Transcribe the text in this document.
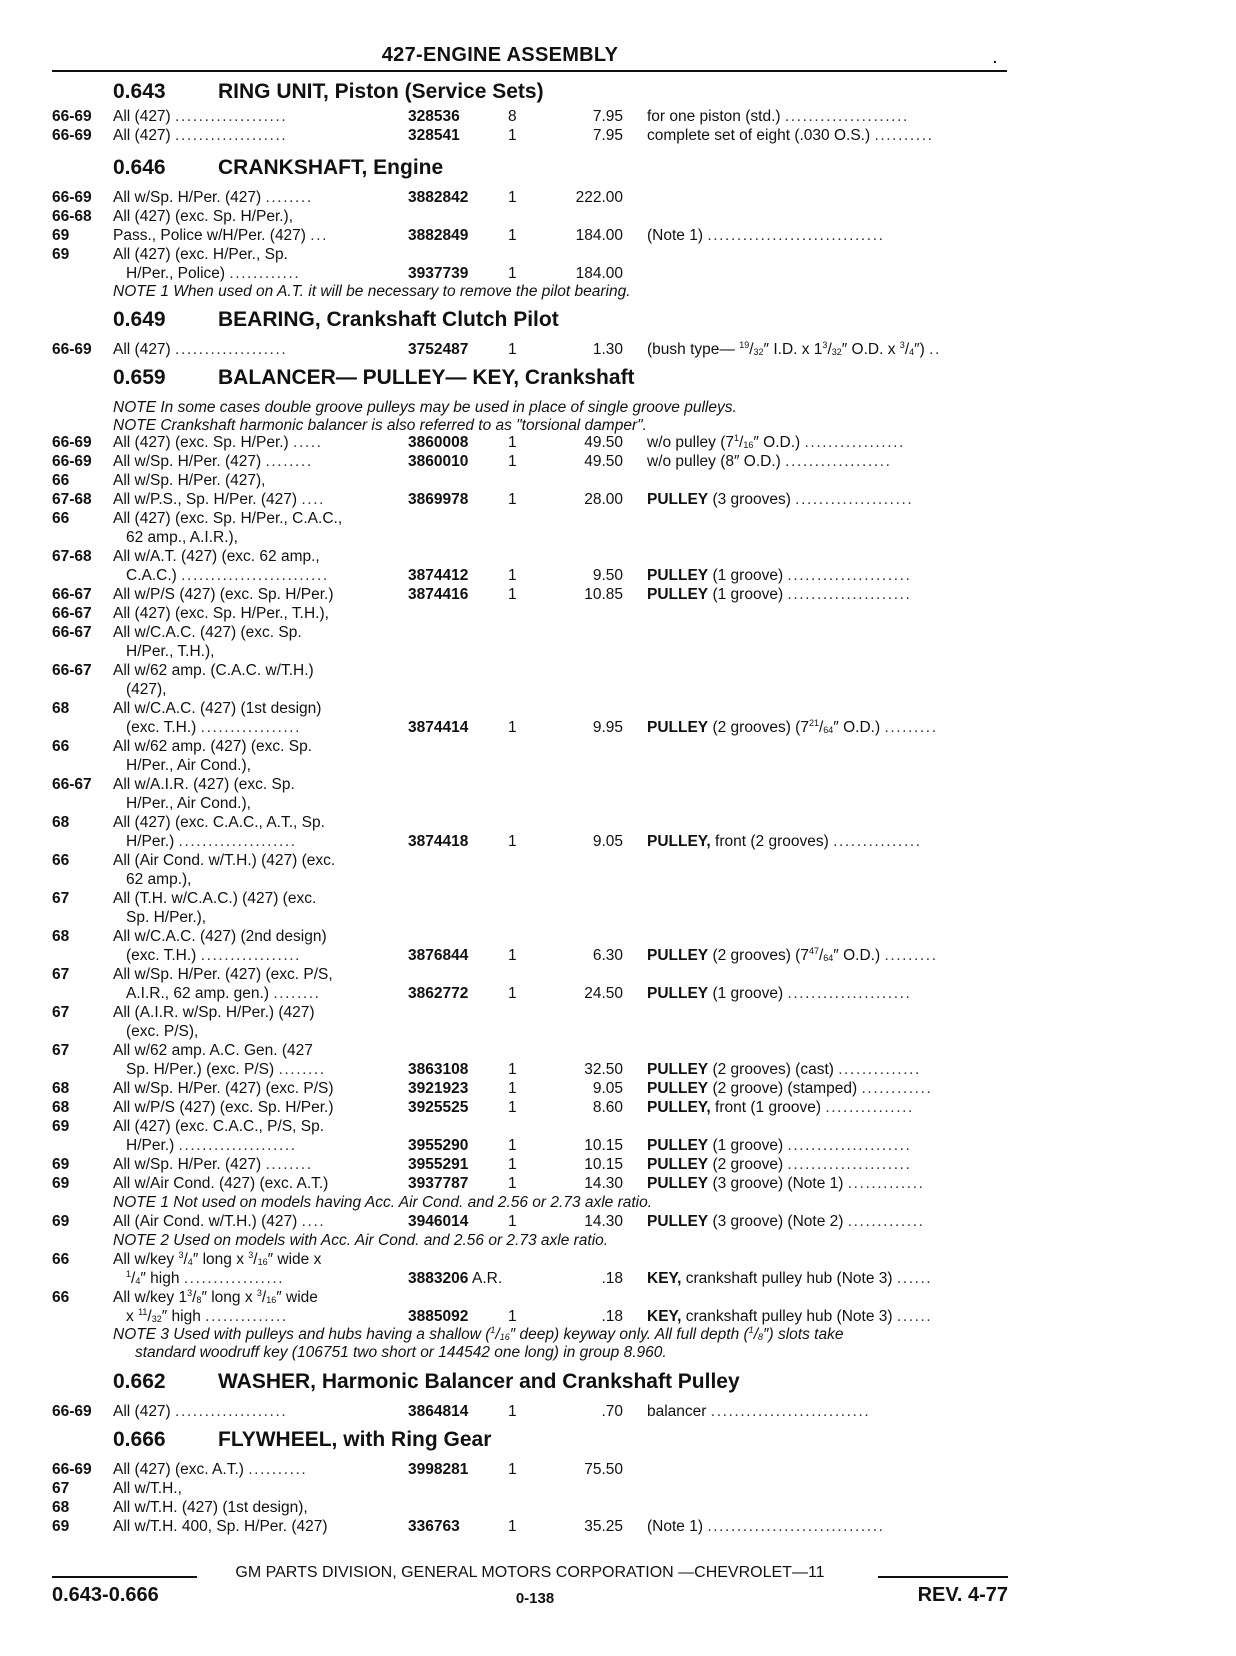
427-ENGINE ASSEMBLY	.
0.643 RING UNIT, Piston (Service Sets)
66-69 All (427) ...................	328536	8	7.95 for one piston (std.) .....................
66-69 All (427) ...................	328541	1	7.95 complete set of eight (.030 O.S.) ..........
0.646 CRANKSHAFT, Engine
66-69 All w/Sp. H/Per. (427) ........	3882842	1	222.00
66-68 All (427) (exc. Sp. H/Per.),
69	Pass., Police w/H/Per. (427) ...	3882849	1	184.00 (Note 1) ..............................
69	All (427) (exc. H/Per., Sp.
H/Per., Police) ............	3937739	1	184.00
NOTE 1 When used on A.T. it will be necessary to remove the pilot bearing.
0.649 BEARING, Crankshaft Clutch Pilot
66-69 All (427) ...................	3752487	1	1.30 (bush type— $^{19}/_{32}''$ I.D. x $1^3/_{32}''$ O.D. x $^3/_4''$) ..
0.659 BALANCER— PULLEY— KEY, Crankshaft
NOTE In some cases double groove pulleys may be used in place of single groove pulleys.
NOTE Crankshaft harmonic balancer is also referred to as "torsional damper".
66-69 All (427) (exc. Sp. H/Per.) .....	3860008	1	49.50 w/o pulley ($7^1/_{16}''$ O.D.) .................
66-69 All w/Sp. H/Per. (427) ........	3860010	1	49.50 w/o pulley (8″ O.D.) ..................
66	All w/Sp. H/Per. (427),
67-68 All w/P.S., Sp. H/Per. (427) ....	3869978	1	28.00 PULLEY (3 grooves) ....................
66	All (427) (exc. Sp. H/Per., C.A.C.,
62 amp., A.I.R.),
67-68 All w/A.T. (427) (exc. 62 amp.,
C.A.C.) .........................	3874412	1	9.50 PULLEY (1 groove) .....................
66-67 All w/P/S (427) (exc. Sp. H/Per.)	3874416	1	10.85 PULLEY (1 groove) .....................
66-67 All (427) (exc. Sp. H/Per., T.H.),
66-67 All w/C.A.C. (427) (exc. Sp.
H/Per., T.H.),
66-67 All w/62 amp. (C.A.C. w/T.H.)
(427),
68	All w/C.A.C. (427) (1st design)
(exc. T.H.) .................	3874414	1	9.95 PULLEY (2 grooves) ($7^{21}/_{64}''$ O.D.) .........
66	All w/62 amp. (427) (exc. Sp.
H/Per., Air Cond.),
66-67 All w/A.I.R. (427) (exc. Sp.
H/Per., Air Cond.),
68	All (427) (exc. C.A.C., A.T., Sp.
H/Per.) ....................	3874418	1	9.05 PULLEY, front (2 grooves) ...............
66	All (Air Cond. w/T.H.) (427) (exc.
62 amp.),
67	All (T.H. w/C.A.C.) (427) (exc.
Sp. H/Per.),
68	All w/C.A.C. (427) (2nd design)
(exc. T.H.) .................	3876844	1	6.30 PULLEY (2 grooves) ($7^{47}/_{64}''$ O.D.) .........
67	All w/Sp. H/Per. (427) (exc. P/S,
A.I.R., 62 amp. gen.) ........	3862772	1	24.50 PULLEY (1 groove) .....................
67	All (A.I.R. w/Sp. H/Per.) (427)
(exc. P/S),
67	All w/62 amp. A.C. Gen. (427
Sp. H/Per.) (exc. P/S) ........	3863108	1	32.50 PULLEY (2 grooves) (cast) ..............
68	All w/Sp. H/Per. (427) (exc. P/S)	3921923	1	9.05 PULLEY (2 groove) (stamped) ............
68	All w/P/S (427) (exc. Sp. H/Per.)	3925525	1	8.60 PULLEY, front (1 groove) ...............
69	All (427) (exc. C.A.C., P/S, Sp.
H/Per.) ....................	3955290	1	10.15 PULLEY (1 groove) .....................
69	All w/Sp. H/Per. (427) ........	3955291	1	10.15 PULLEY (2 groove) .....................
69	All w/Air Cond. (427) (exc. A.T.)	3937787	1	14.30 PULLEY (3 groove) (Note 1) .............
NOTE 1 Not used on models having Acc. Air Cond. and 2.56 or 2.73 axle ratio.
69	All (Air Cond. w/T.H.) (427) ....	3946014	1	14.30 PULLEY (3 groove) (Note 2) .............
NOTE 2 Used on models with Acc. Air Cond. and 2.56 or 2.73 axle ratio.
66	All w/key $^3/_4''$ long x $^3/_{16}''$ wide x
$^1/_4''$ high .................	3883206 A.R.	.18 KEY, crankshaft pulley hub (Note 3) ......
66	All w/key $1^3/_8''$ long x $^3/_{16}''$ wide
x $^{11}/_{32}''$ high ..............	3885092	1	.18 KEY, crankshaft pulley hub (Note 3) ......
NOTE 3 Used with pulleys and hubs having a shallow ($^1/_{16}''$ deep) keyway only. All full depth $(^1/_8'')$ slots take
standard woodruff key (106751 two short or 144542 one long) in group 8.960.
0.662 WASHER, Harmonic Balancer and Crankshaft Pulley
66-69 All (427) ...................	3864814	1	.70 balancer ...........................
0.666 FLYWHEEL, with Ring Gear
66-69 All (427) (exc. A.T.) ..........	3998281	1	75.50
67	All w/T.H.,
68	All w/T.H. (427) (1st design),
69	All w/T.H. 400, Sp. H/Per. (427)	336763	1	35.25 (Note 1) ..............................
GM PARTS DIVISION, GENERAL MOTORS CORPORATION —CHEVROLET—11
0.643-0.666	0-138	REV. 4-77
